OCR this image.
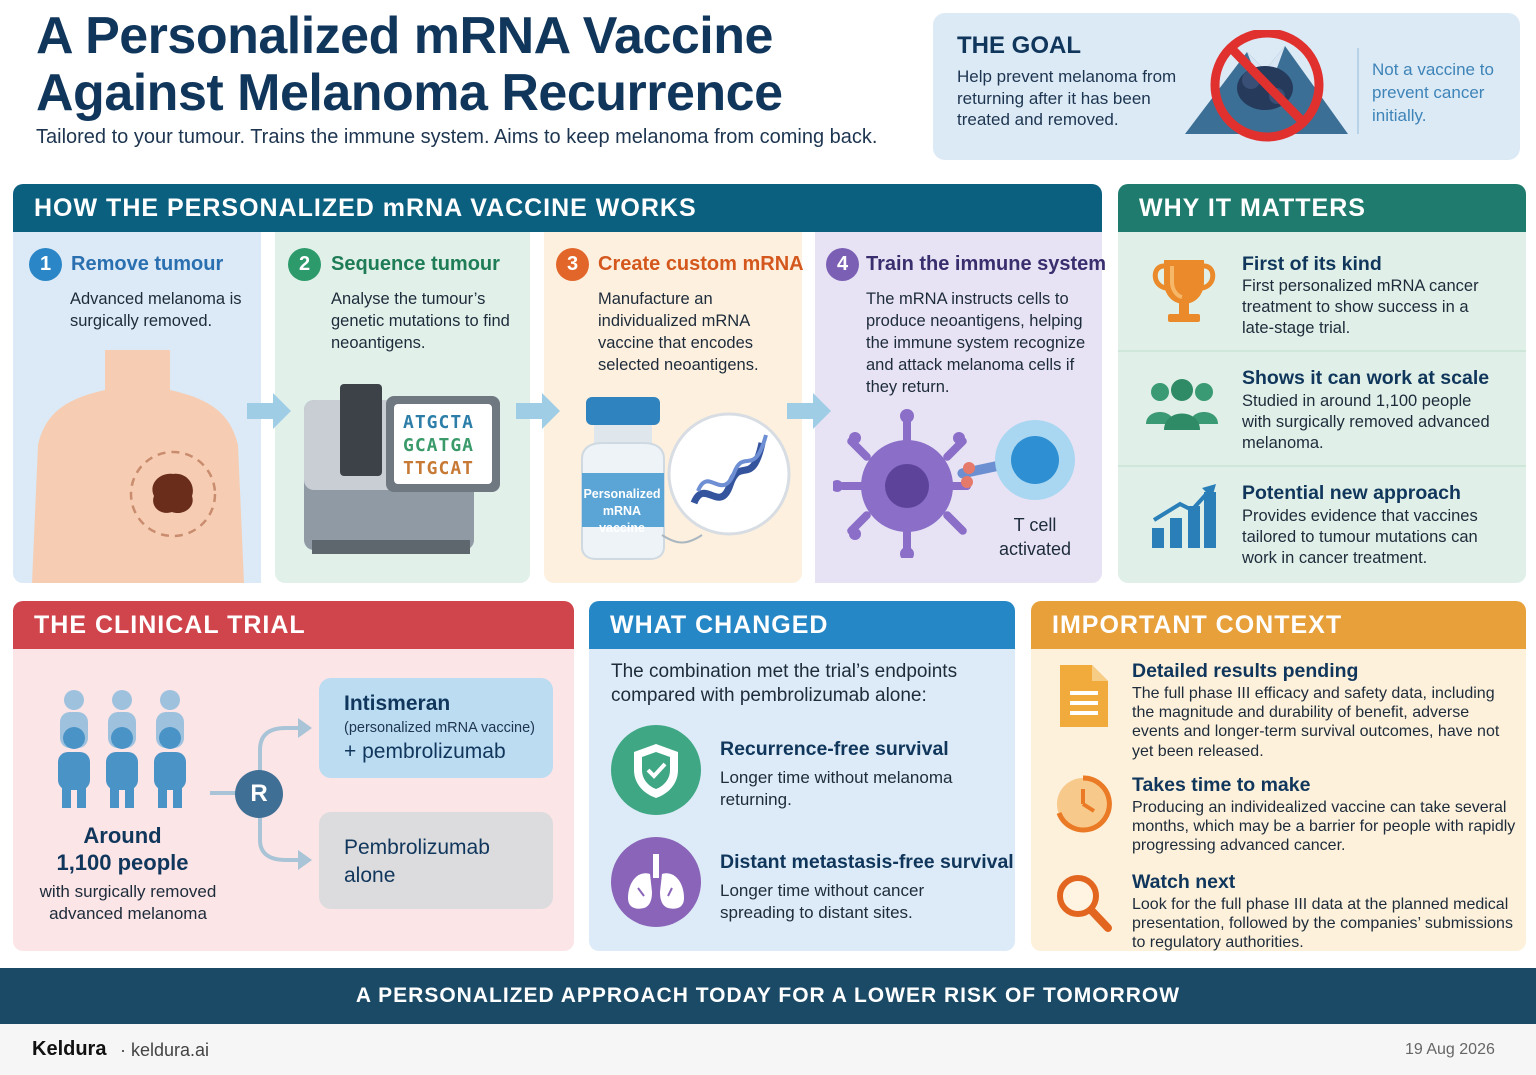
A Personalized mRNA Vaccine Against Melanoma Recurrence
Tailored to your tumour. Trains the immune system. Aims to keep melanoma from coming back.
THE GOAL
Help prevent melanoma from returning after it has been treated and removed.
Not a vaccine to prevent cancer initially.
HOW THE PERSONALIZED mRNA VACCINE WORKS
1 Remove tumour
Advanced melanoma is surgically removed.
2	Sequence tumour
Analyse the tumour’s genetic mutations to find neoantigens.
ATGCTA
GCATGA
TTGCAT
3 Create custom mRNA
Manufacture an individualized mRNA vaccine that encodes selected neoantigens.
Personalized
mRNA vaccine
4 Train the immune system
The mRNA instructs cells to produce neoantigens, helping the immune system recognize and attack melanoma cells if they return.
T cell
activated
WHY IT MATTERS
First of its kind
First personalized mRNA cancer treatment to show success in a late-stage trial.
Shows it can work at scale
Studied in around 1,100 people with surgically removed advanced melanoma.
Potential new approach
Provides evidence that vaccines tailored to tumour mutations can work in cancer treatment.
THE CLINICAL TRIAL
Around
1,100 people
with surgically removed advanced melanoma
R
Intismeran
(personalized mRNA vaccine)
+ pembrolizumab
Pembrolizumab
alone
WHAT CHANGED
The combination met the trial’s endpoints compared with pembrolizumab alone:
Recurrence-free survival
Longer time without melanoma returning.
Distant metastasis-free survival
Longer time without cancer spreading to distant sites.
IMPORTANT CONTEXT
Detailed results pending
The full phase III efficacy and safety data, including the magnitude and durability of benefit, adverse events and longer-term survival outcomes, have not yet been released.
Takes time to make
Producing an individealized vaccine can take several months, which may be a barrier for people with rapidly progressing advanced cancer.
Watch next
Look for the full phase III data at the planned medical presentation, followed by the companies’ submissions to regulatory authorities.
A PERSONALIZED APPROACH TODAY FOR A LOWER RISK OF TOMORROW
Keldura · keldura.ai	19 Aug 2026
